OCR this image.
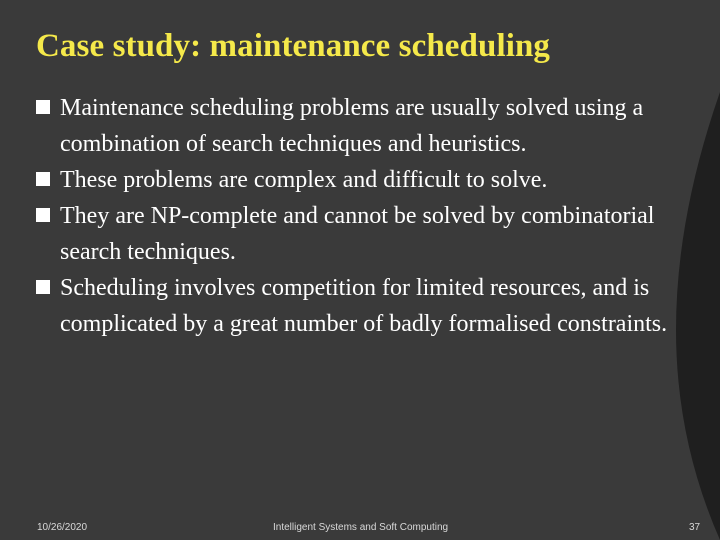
Case study: maintenance scheduling
Maintenance scheduling problems are usually solved using a combination of search techniques and heuristics.
These problems are complex and difficult to solve.
They are NP-complete and cannot be solved by combinatorial search techniques.
Scheduling involves competition for limited resources, and is complicated by a great number of badly formalised constraints.
10/26/2020	Intelligent Systems and Soft Computing	37
